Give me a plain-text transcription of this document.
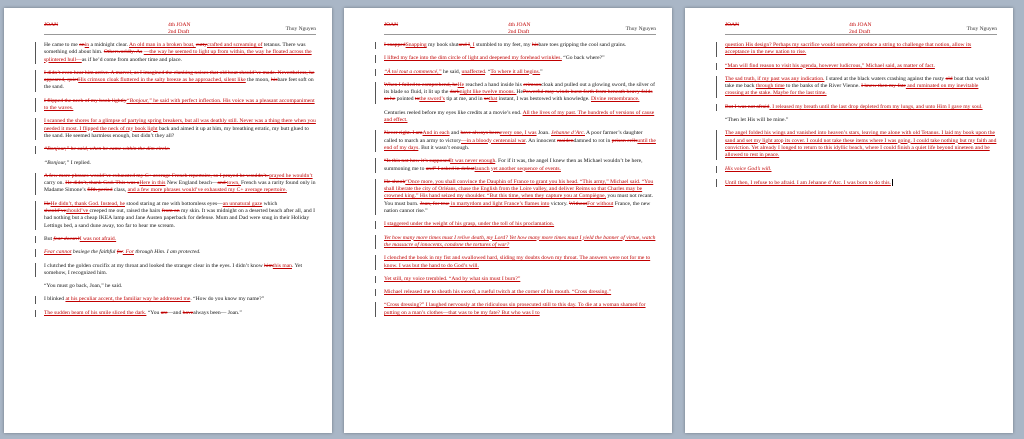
JOAN	4th JOAN
2nd Draft	Thuy Nguyen
He came to me onin a midnight clear. An old man in a broken boat, cuttycrafted and screaming of tetanus. There was something odd about him. Otherworldly. As —the way he seemed to light up from within, the way he floated across the splintered hull—as if he’d come from another time and place.
I didn’t even hear him arrive. A marvel, as I imagined the clanking noises that old boat should’ve made. Nevertheless, he appeared, quietHis crimson cloak fluttered in the salty breeze as he approached, silent like the moon, hisbare feet soft on the sand.
I flipped the neck of my book lightly“Bonjour,” he said with perfect inflection. His voice was a pleasant accompaniment to the waves.
I scanned the shores for a glimpse of partying spring breakers, but all was deathly still. Never was a thing there when you needed it most. I flipped the neck of my book light back and aimed it up at him, my breathing erratic, my butt glued to the sand. He seemed harmless enough, but didn’t they all?
“Bonjour,” he said, when he came within the dim circle.
“Bonjour,” I replied.
A few more phrases would’ve exhausted my C+ average French repertoire, so I prayed he wouldn’t. prayed he wouldn’t carry on. He didn’t, thank God. This was aHere in this New England beach—and town, French was a rarity found only in Madame Simone’s fifth period class, and a few more phrases would’ve exhausted my C+ average repertoire.
HeHe didn’t, thank God. Instead, he stood staring at me with bottomless eyes—an unnatural gaze which should’veshould’ve creeped me out, raised the hairs from on my skin. It was midnight on a deserted beach after all, and I had nothing but a cheap IKEA lamp and Jane Austen paperback for defense. Mum and Dad were snug in their Holiday Lettings bed, a sand dune away, too far to hear me scream.
But fear doesn’tI was not afraid.
Fear cannot besiege the faithful for. For through Him. I am protected.
I clutched the golden crucifix at my throat and looked the stranger clear in the eyes. I didn’t know himthis man. Yet somehow, I recognized him.
“You must go back, Joan,” he said.
I blinked at his peculiar accent, the familiar way he addressed me. “How do you know my name?”
The sudden beam of his smile sliced the dark. “You are—and havealways been— Joan.”
JOAN	4th JOAN
2nd Draft	Thuy Nguyen
I snappedSnapping my book shutand I, I stumbled to my feet, my hisbare toes gripping the cool sand grains.
I lifted my face into the dim circle of light and deepened my forehead wrinkles. “Go back where?”
“À toi tout a commencé,” he said, unaffected. “To where it all begins.”
When I failed to comprehend, heHe reached a hand inside his crimsoncloak and pulled out a glowing sword, the silver of its blade so fluid, it lit up the darknight like twelve moons. HePowerful may winds burst forth from beneath heavy folds as he pointed tothe sword’s tip at me, and in sothat instant, I was bestowed with knowledge. Divine remembrance.
Centuries reeled before my eyes like credits at a movie’s end. All the lives of my past. The hundreds of versions of cause and effect.
Never right. I amAnd in each and have always beenevery one, I was Joan. Jehanne d’Arc. A poor farmer’s daughter called to march an army to victory—in a bloody centennial war. An innocent maidendamned to rot in prison cellsuntil the end of my days. But it wasn’t enough.
“Is this not how it’s supposedIt was never enough. For if it was, the angel I knew then as Michael wouldn’t be here, summoning me to and” I asked in defeatlaunch yet another sequence of events.
He shook“Once more, you shall convince the Dauphin of France to grant you his head. “This army,” Michael said. “You shall liberate the city of Orléans, chase the English from the Loire valley, and deliver Reims so that Charles may be crowned king.” His hand seized my shoulder. “But this time, when they capture you at Compiègne, you must not recant. You must burn. Joan, for true in martyrdom and light France’s flames into victory. WithoutFor without France, the new nation cannot rise.”
I staggered under the weight of his grasp, under the toll of his proclamation.
Yet how many more times must I relive death, my Lord? Yet how many more times must I yield the banner of virtue, watch the massacre of innocents, condone the tortures of war?
I clenched the book in my fist and swallowed hard, sliding my doubts down my throat. The answers were not for me to know. I was but the hand to do God’s will.
Yet still, my voice trembled. “And by what sin must I burn?”
Michael released me to sheath his sword, a rueful twitch at the corner of his mouth. “Cross dressing.”
“Cross dressing?” I laughed nervously at the ridiculous sin prosecuted still to this day. To die at a woman shamed for putting on a man’s clothes—that was to be my fate? But who was I to
JOAN	4th JOAN
2nd Draft	Thuy Nguyen
question His design? Perhaps my sacrifice would somehow produce a string to challenge that notion, allow its acceptance in the new nation to rise.
“Man will find reason to visit his agenda, however ludicrous,” Michael said, as matter of fact.
The sad truth, if my past was any indication. I stared at the black waters crashing against the rusty old boat that would take me back through time to the banks of the River Vienne. I knew then my fate and ruminated on my inevitable crossing at the stake. Maybe for the last time.
But I was not afraid. I released my breath until the last drop depleted from my lungs, and unto Him I gave my soul.
“Then let His will be mine.”
The angel folded his wings and vanished into heaven’s stars, leaving me alone with old Tetanus. I laid my book upon the sand and set my light atop its cover. I could not take these items where I was going. I could take nothing but my faith and conviction. Yet already I longed to return to this idyllic beach, where I could finish a quiet life beyond nineteen and be allowed to rest in peace.
His voice God’s will.
Until then, I refuse to be afraid. I am Jehanne d’Arc. I was born to do this.
